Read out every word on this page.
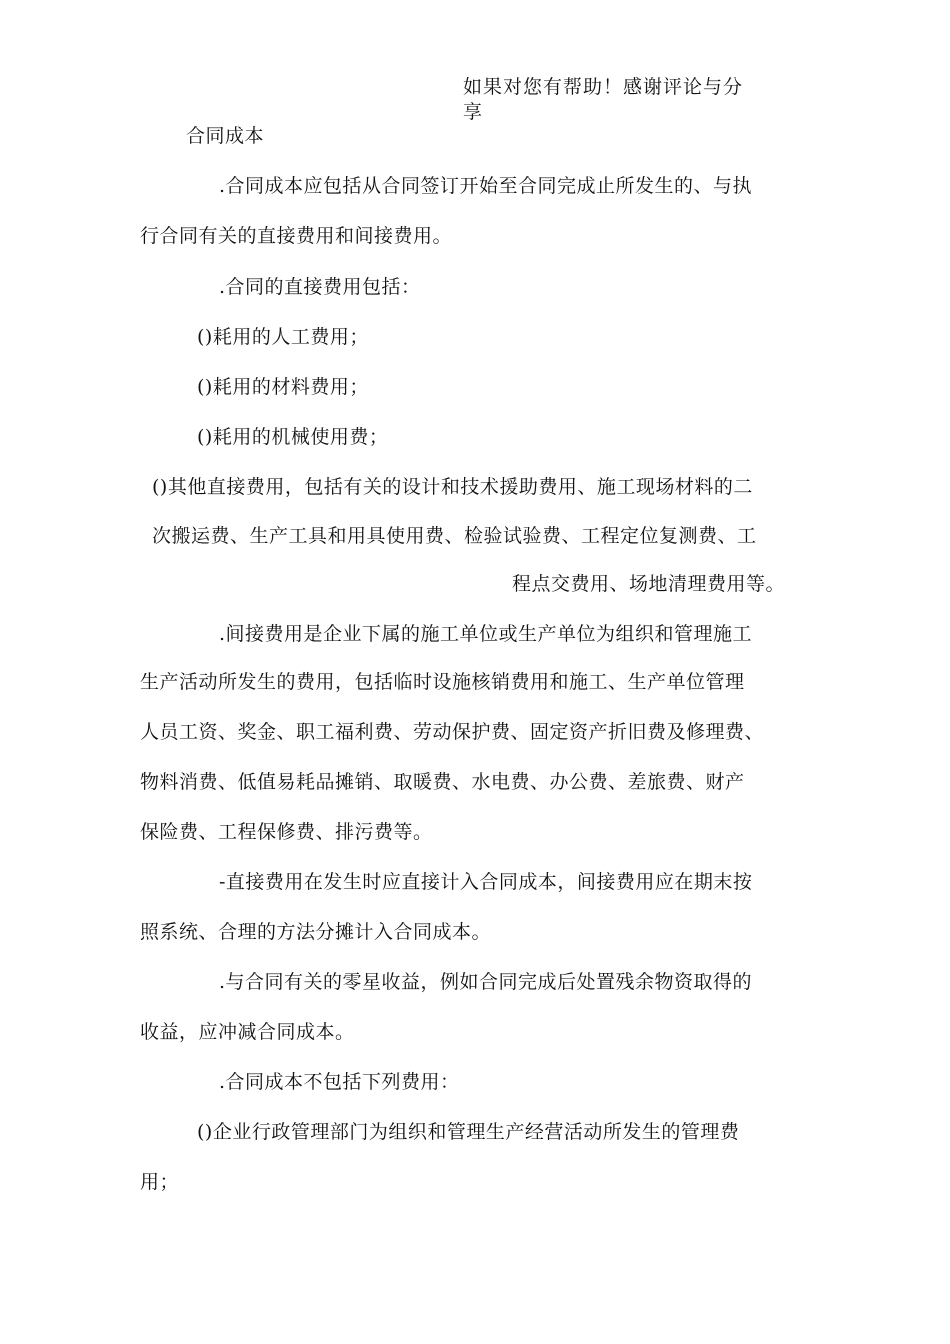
如果对您有帮助！感谢评论与分
享
合同成本
.合同成本应包括从合同签订开始至合同完成止所发生的、与执
行合同有关的直接费用和间接费用。
.合同的直接费用包括：
()耗用的人工费用；
()耗用的材料费用；
()耗用的机械使用费；
()其他直接费用，包括有关的设计和技术援助费用、施工现场材料的二
次搬运费、生产工具和用具使用费、检验试验费、工程定位复测费、工
程点交费用、场地清理费用等。
.间接费用是企业下属的施工单位或生产单位为组织和管理施工
生产活动所发生的费用，包括临时设施核销费用和施工、生产单位管理
人员工资、奖金、职工福利费、劳动保护费、固定资产折旧费及修理费、
物料消费、低值易耗品摊销、取暖费、水电费、办公费、差旅费、财产
保险费、工程保修费、排污费等。
-直接费用在发生时应直接计入合同成本，间接费用应在期末按
照系统、合理的方法分摊计入合同成本。
.与合同有关的零星收益，例如合同完成后处置残余物资取得的
收益，应冲减合同成本。
.合同成本不包括下列费用：
()企业行政管理部门为组织和管理生产经营活动所发生的管理费
用；
